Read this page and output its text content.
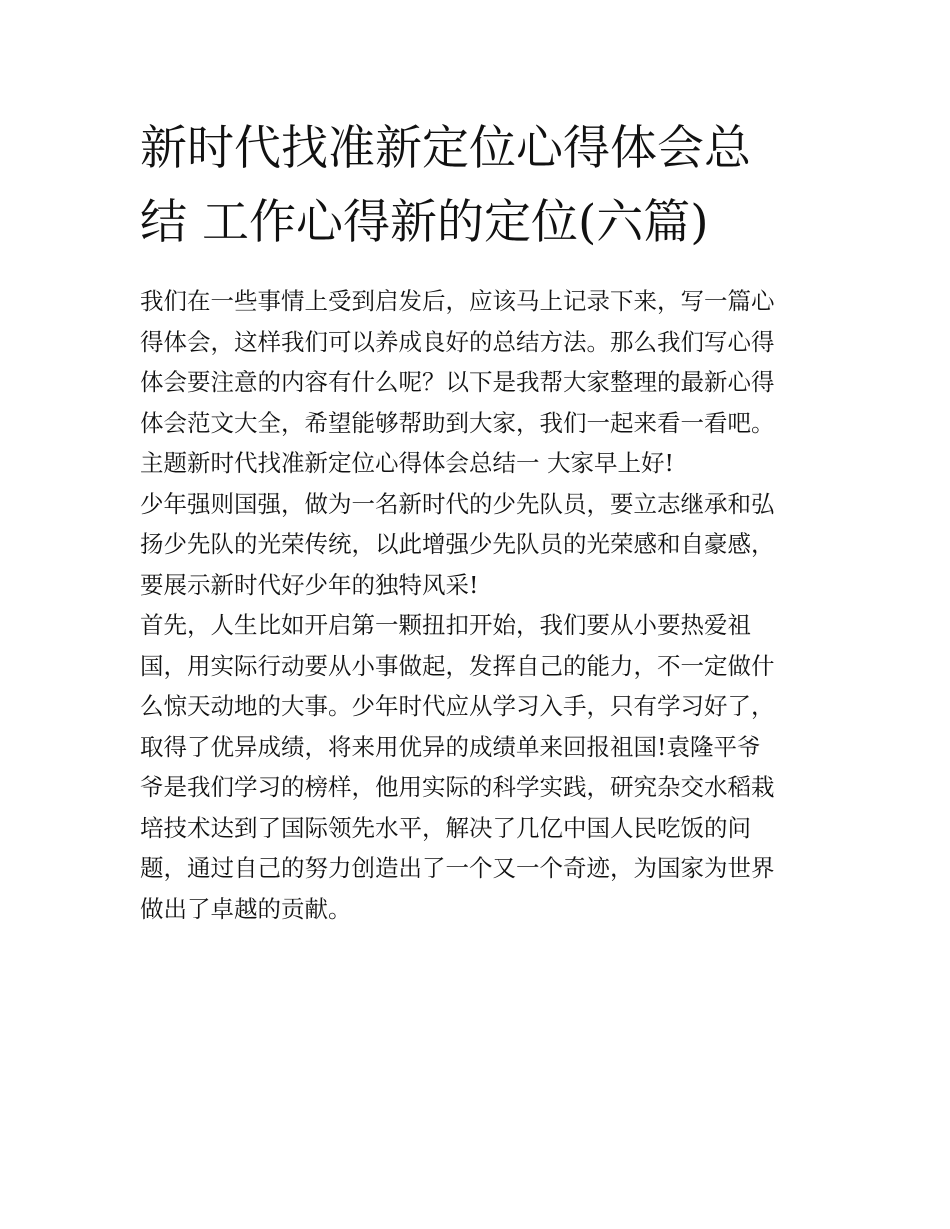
新时代找准新定位心得体会总
结 工作心得新的定位(六篇)
我们在一些事情上受到启发后，应该马上记录下来，写一篇心
得体会，这样我们可以养成良好的总结方法。那么我们写心得
体会要注意的内容有什么呢？以下是我帮大家整理的最新心得
体会范文大全，希望能够帮助到大家，我们一起来看一看吧。
主题新时代找准新定位心得体会总结一 大家早上好!
少年强则国强，做为一名新时代的少先队员，要立志继承和弘
扬少先队的光荣传统，以此增强少先队员的光荣感和自豪感，
要展示新时代好少年的独特风采!
首先，人生比如开启第一颗扭扣开始，我们要从小要热爱祖
国，用实际行动要从小事做起，发挥自己的能力，不一定做什
么惊天动地的大事。少年时代应从学习入手，只有学习好了，
取得了优异成绩，将来用优异的成绩单来回报祖国!袁隆平爷
爷是我们学习的榜样，他用实际的科学实践，研究杂交水稻栽
培技术达到了国际领先水平，解决了几亿中国人民吃饭的问
题，通过自己的努力创造出了一个又一个奇迹，为国家为世界
做出了卓越的贡献。
